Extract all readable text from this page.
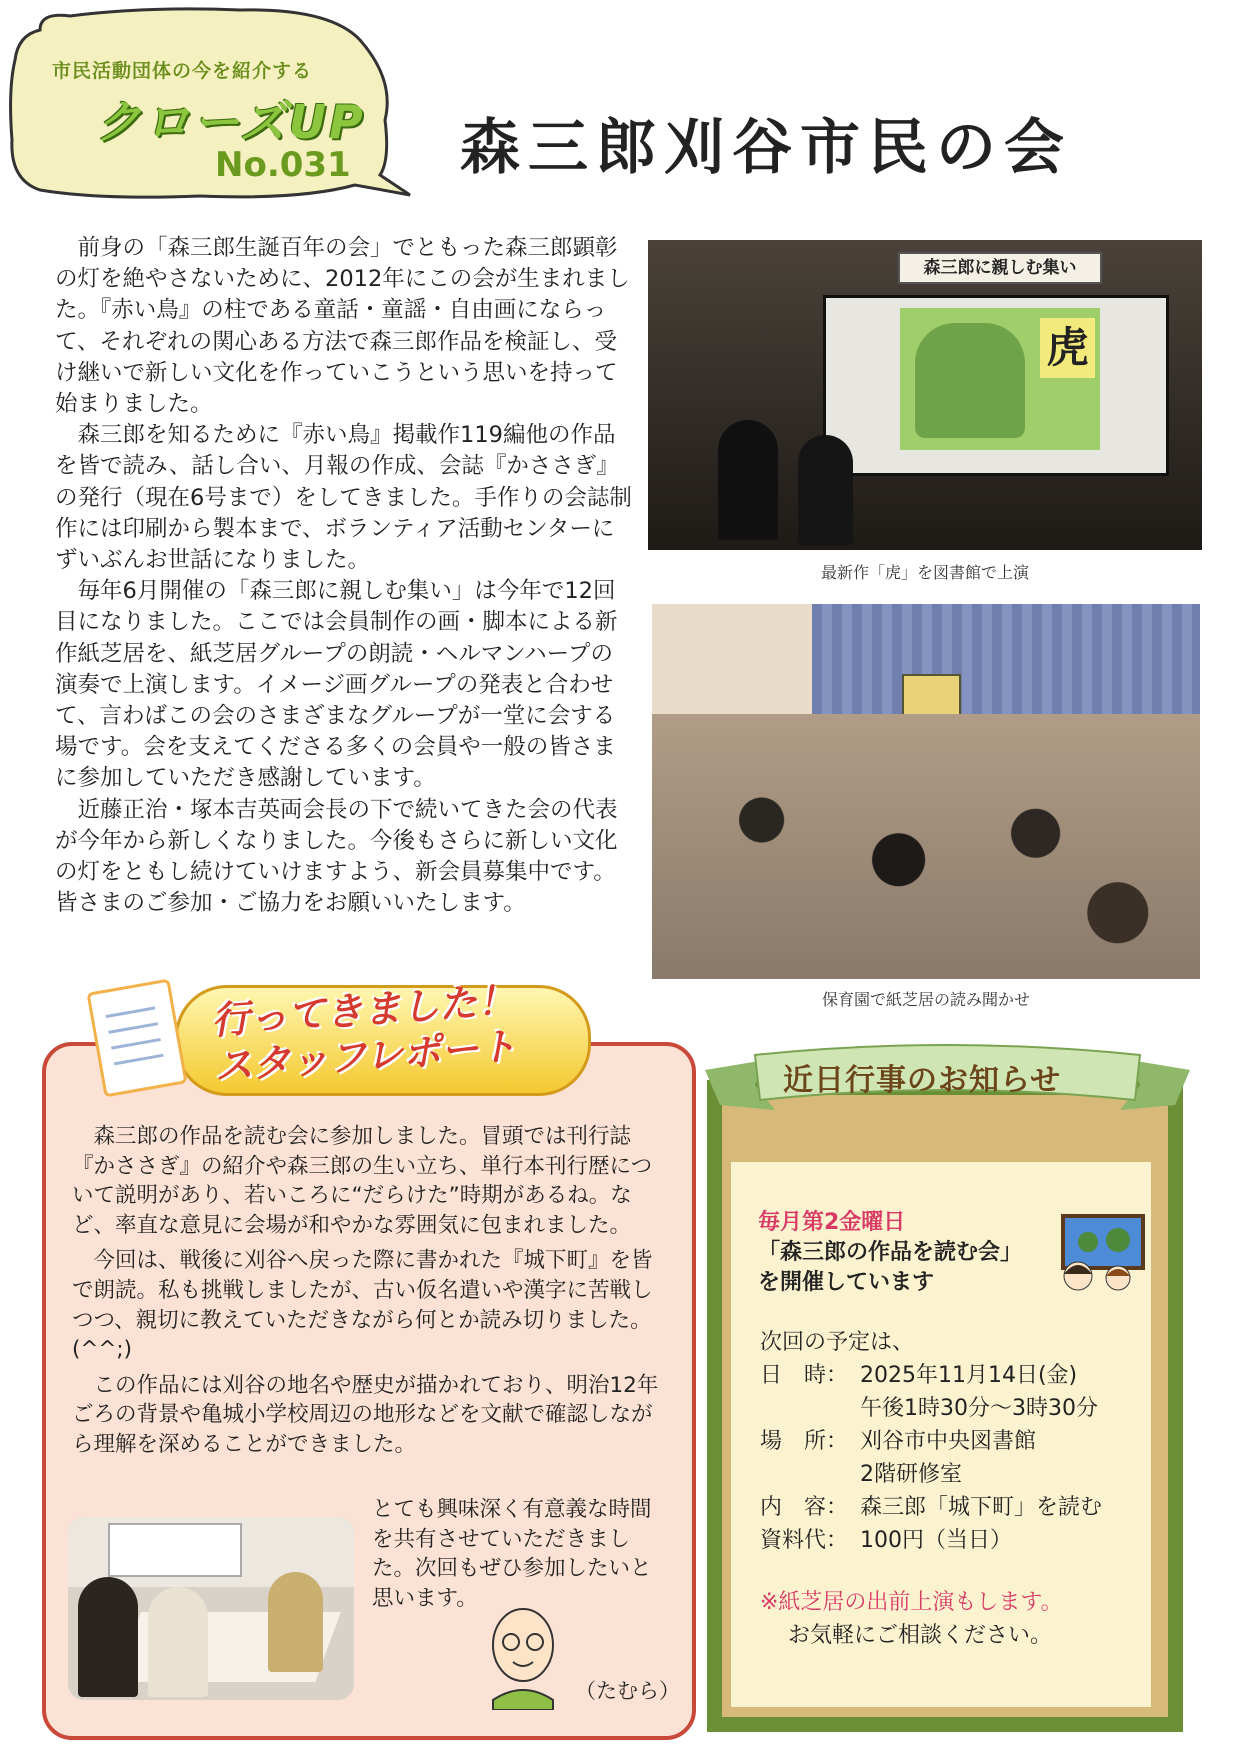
市民活動団体の今を紹介する
クローズUP
No.031 森三郎刈谷市民の会

前身の「森三郎生誕百年の会」でともった森三郎顕彰の灯を絶やさないために、2012年にこの会が生まれました。『赤い鳥』の柱である童話・童謡・自由画にならって、それぞれの関心ある方法で森三郎作品を検証し、受け継いで新しい文化を作っていこうという思いを持って始まりました。

森三郎を知るために『赤い鳥』掲載作119編他の作品を皆で読み、話し合い、月報の作成、会誌『かささぎ』の発行（現在6号まで）をしてきました。手作りの会誌制作には印刷から製本まで、ボランティア活動センターにずいぶんお世話になりました。

毎年6月開催の「森三郎に親しむ集い」は今年で12回目になりました。ここでは会員制作の画・脚本による新作紙芝居を、紙芝居グループの朗読・ヘルマンハープの演奏で上演します。イメージ画グループの発表と合わせて、言わばこの会のさまざまなグループが一堂に会する場です。会を支えてくださる多くの会員や一般の皆さまに参加していただき感謝しています。

近藤正治・塚本吉英両会長の下で続いてきた会の代表が今年から新しくなりました。今後もさらに新しい文化の灯をともし続けていけますよう、新会員募集中です。皆さまのご参加・ご協力をお願いいたします。

森三郎に親しむ集い
虎
最新作「虎」を図書館で上演
保育園で紙芝居の読み聞かせ
行ってきました！
スタッフレポート

森三郎の作品を読む会に参加しました。冒頭では刊行誌『かささぎ』の紹介や森三郎の生い立ち、単行本刊行歴について説明があり、若いころに“だらけた”時期があるね。など、率直な意見に会場が和やかな雰囲気に包まれました。

今回は、戦後に刈谷へ戻った際に書かれた『城下町』を皆で朗読。私も挑戦しましたが、古い仮名遣いや漢字に苦戦しつつ、親切に教えていただきながら何とか読み切りました。(^^;)

この作品には刈谷の地名や歴史が描かれており、明治12年ごろの背景や亀城小学校周辺の地形などを文献で確認しながら理解を深めることができました。

とても興味深く有意義な時間を共有させていただきました。次回もぜひ参加したいと思います。
（たむら）
近日行事のお知らせ
毎月第2金曜日
「森三郎の作品を読む会」
を開催しています
次回の予定は、
日　時： 2025年11月14日(金)
午後1時30分～3時30分
場　所： 刈谷市中央図書館
2階研修室
内　容： 森三郎「城下町」を読む
資料代： 100円（当日）
※紙芝居の出前上演もします。
お気軽にご相談ください。
